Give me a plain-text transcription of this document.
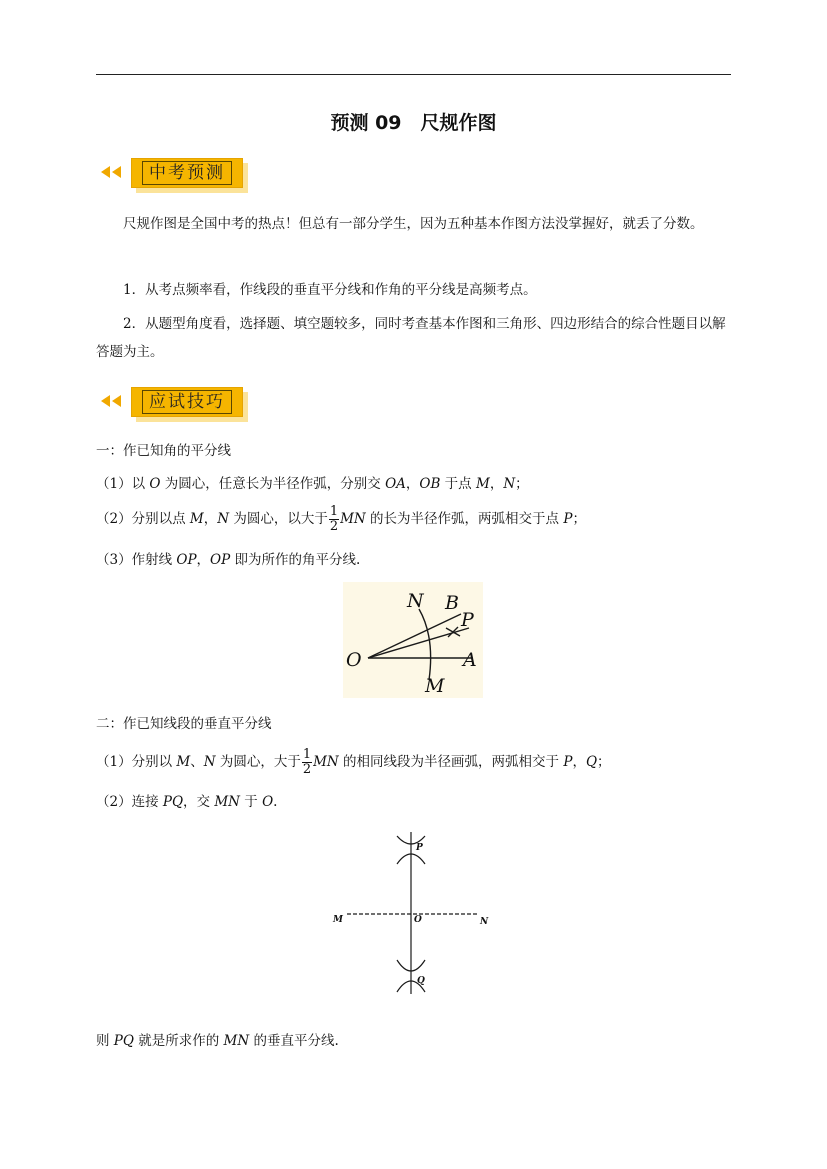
预测 09　尺规作图
中考预测
尺规作图是全国中考的热点！但总有一部分学生，因为五种基本作图方法没掌握好，就丢了分数。
1．从考点频率看，作线段的垂直平分线和作角的平分线是高频考点。
2．从题型角度看，选择题、填空题较多，同时考查基本作图和三角形、四边形结合的综合性题目以解答题为主。
应试技巧
一：作已知角的平分线
（1）以 O 为圆心，任意长为半径作弧，分别交 OA，OB 于点 M，N；
（2）分别以点 M，N 为圆心，以大于 $\frac{1}{2}$ MN 的长为半径作弧，两弧相交于点 P；
（3）作射线 OP，OP 即为所作的角平分线.
N B
P
O	A
M
二：作已知线段的垂直平分线
（1）分别以 M、N 为圆心，大于 $\frac{1}{2}$ MN 的相同线段为半径画弧，两弧相交于 P，Q；
（2）连接 PQ，交 MN 于 O.
P
M	O	N
Q
则 PQ 就是所求作的 MN 的垂直平分线.
